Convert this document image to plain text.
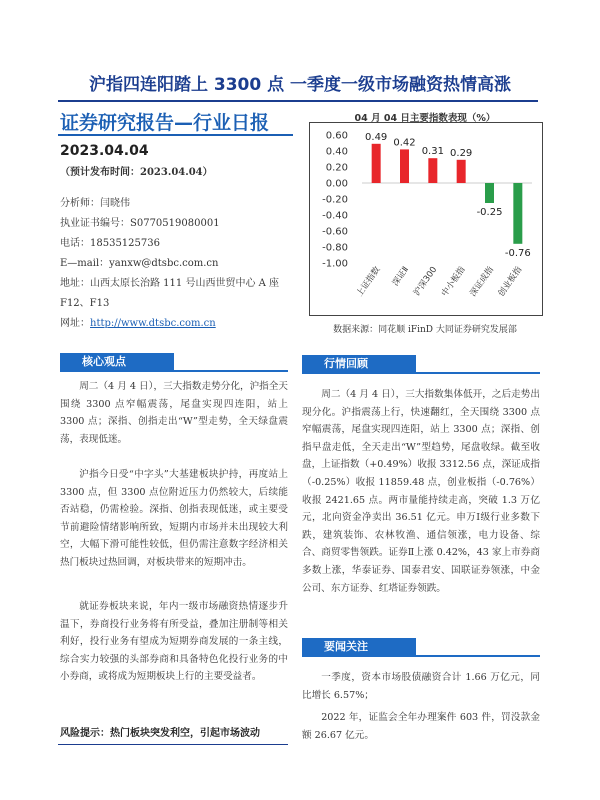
沪指四连阳踏上 3300 点 一季度一级市场融资热情高涨
证券研究报告—行业日报
2023.04.04
（预计发布时间：2023.04.04）
分析师：闫晓伟
执业证书编号：S0770519080001
电话：18535125736
E—mail：yanxw@dtsbc.com.cn
地址：山西太原长治路 111 号山西世贸中心 A 座
F12、F13
网址：http://www.dtsbc.com.cn
04 月 04 日主要指数表现（%）
0.60
0.40
0.20
0.00
-0.20
-0.40
-0.60
-0.80
-1.00
0.49
上证指数
0.42
深证Ⅱ
0.31
沪深300
0.29
中小板指
-0.25
深证成指
-0.76
创业板指
数据来源：同花顺 iFinD 大同证券研究发展部
核心观点
周二（4 月 4 日），三大指数走势分化，沪指全天围绕 3300 点窄幅震荡，尾盘实现四连阳，站上 3300 点；深指、创指走出“W”型走势，全天绿盘震荡，表现低迷。
沪指今日受“中字头”大基建板块护持，再度站上 3300 点，但 3300 点位附近压力仍然较大，后续能否站稳，仍需检验。深指、创指表现低迷，或主要受节前避险情绪影响所致，短期内市场并未出现较大利空，大幅下滑可能性较低，但仍需注意数字经济相关热门板块过热回调，对板块带来的短期冲击。
就证券板块来说，年内一级市场融资热情逐步升温下，券商投行业务将有所受益，叠加注册制等相关利好，投行业务有望成为短期券商发展的一条主线，综合实力较强的头部券商和具备特色化投行业务的中小券商，或将成为短期板块上行的主要受益者。
风险提示：热门板块突发利空，引起市场波动
行情回顾
周二（4 月 4 日），三大指数集体低开，之后走势出现分化。沪指震荡上行，快速翻红，全天围绕 3300 点窄幅震荡，尾盘实现四连阳，站上 3300 点；深指、创指早盘走低，全天走出“W”型趋势，尾盘收绿。截至收盘，上证指数（+0.49%）收报 3312.56 点，深证成指（-0.25%）收报 11859.48 点，创业板指（-0.76%）收报 2421.65 点。两市量能持续走高，突破 1.3 万亿元，北向资金净卖出 36.51 亿元。申万Ⅰ级行业多数下跌，建筑装饰、农林牧渔、通信领涨，电力设备、综合、商贸零售领跌。证券Ⅱ上涨 0.42%，43 家上市券商多数上涨，华泰证券、国泰君安、国联证券领涨，中金公司、东方证券、红塔证券领跌。
要闻关注
一季度，资本市场股债融资合计 1.66 万亿元，同比增长 6.57%；
2022 年，证监会全年办理案件 603 件，罚没款金额 26.67 亿元。
